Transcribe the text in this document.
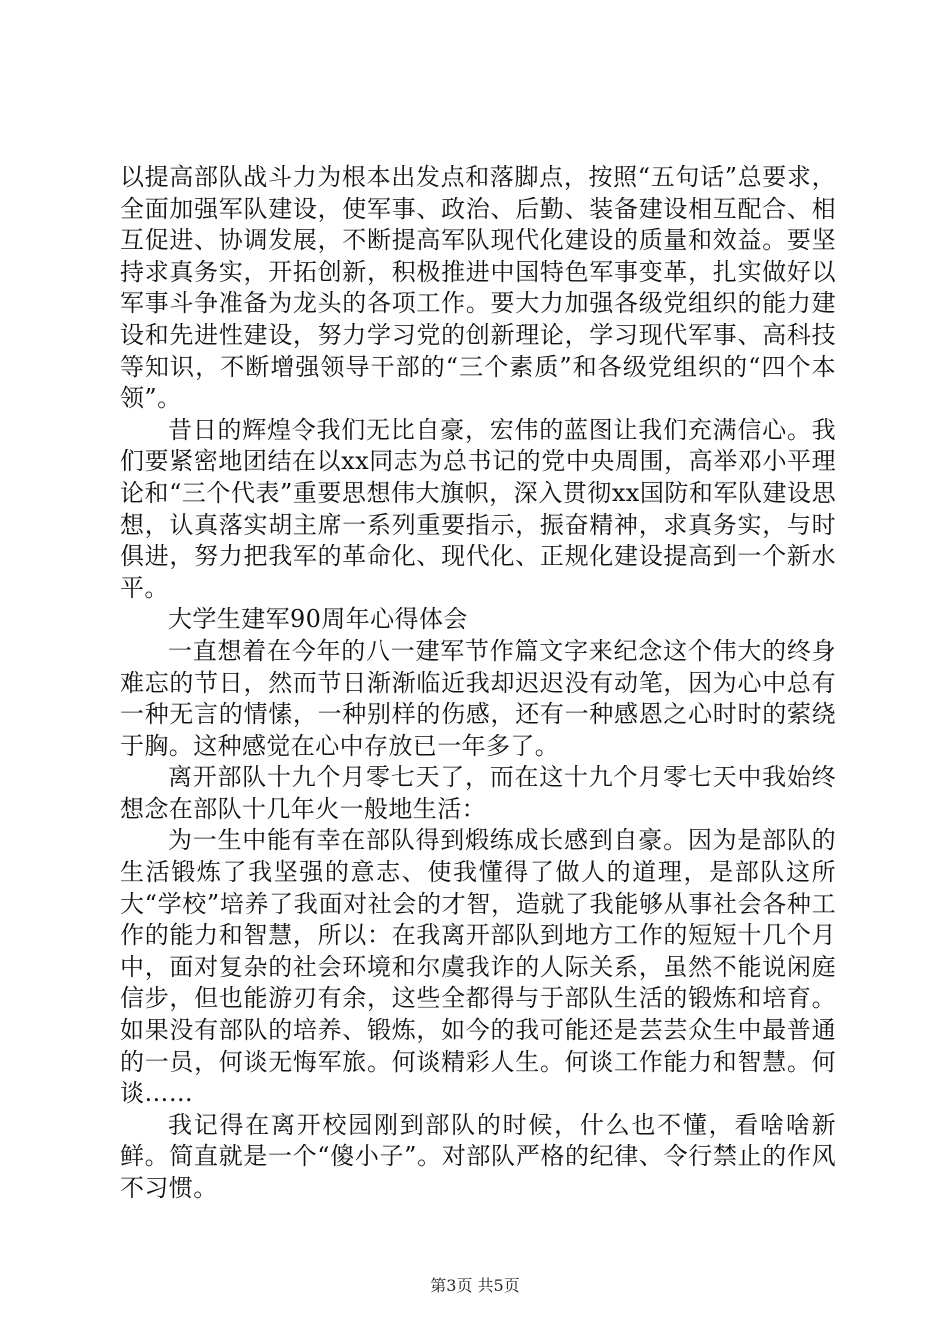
以提高部队战斗力为根本出发点和落脚点，按照“五句话”总要求，全面加强军队建设，使军事、政治、后勤、装备建设相互配合、相互促进、协调发展，不断提高军队现代化建设的质量和效益。要坚持求真务实，开拓创新，积极推进中国特色军事变革，扎实做好以军事斗争准备为龙头的各项工作。要大力加强各级党组织的能力建设和先进性建设，努力学习党的创新理论，学习现代军事、高科技等知识，不断增强领导干部的“三个素质”和各级党组织的“四个本领”。

昔日的辉煌令我们无比自豪，宏伟的蓝图让我们充满信心。我们要紧密地团结在以xx同志为总书记的党中央周围，高举邓小平理论和“三个代表”重要思想伟大旗帜，深入贯彻xx国防和军队建设思想，认真落实胡主席一系列重要指示，振奋精神，求真务实，与时俱进，努力把我军的革命化、现代化、正规化建设提高到一个新水平。

大学生建军90周年心得体会

一直想着在今年的八一建军节作篇文字来纪念这个伟大的终身难忘的节日，然而节日渐渐临近我却迟迟没有动笔，因为心中总有一种无言的情愫，一种别样的伤感，还有一种感恩之心时时的萦绕于胸。这种感觉在心中存放已一年多了。

离开部队十九个月零七天了，而在这十九个月零七天中我始终想念在部队十几年火一般地生活：

为一生中能有幸在部队得到煅练成长感到自豪。因为是部队的生活锻炼了我坚强的意志、使我懂得了做人的道理，是部队这所大“学校”培养了我面对社会的才智，造就了我能够从事社会各种工作的能力和智慧，所以：在我离开部队到地方工作的短短十几个月中，面对复杂的社会环境和尔虞我诈的人际关系，虽然不能说闲庭信步，但也能游刃有余，这些全都得与于部队生活的锻炼和培育。如果没有部队的培养、锻炼，如今的我可能还是芸芸众生中最普通的一员，何谈无悔军旅。何谈精彩人生。何谈工作能力和智慧。何谈……

我记得在离开校园刚到部队的时候，什么也不懂，看啥啥新鲜。简直就是一个“傻小子”。对部队严格的纪律、令行禁止的作风不习惯。

第3页 共5页
